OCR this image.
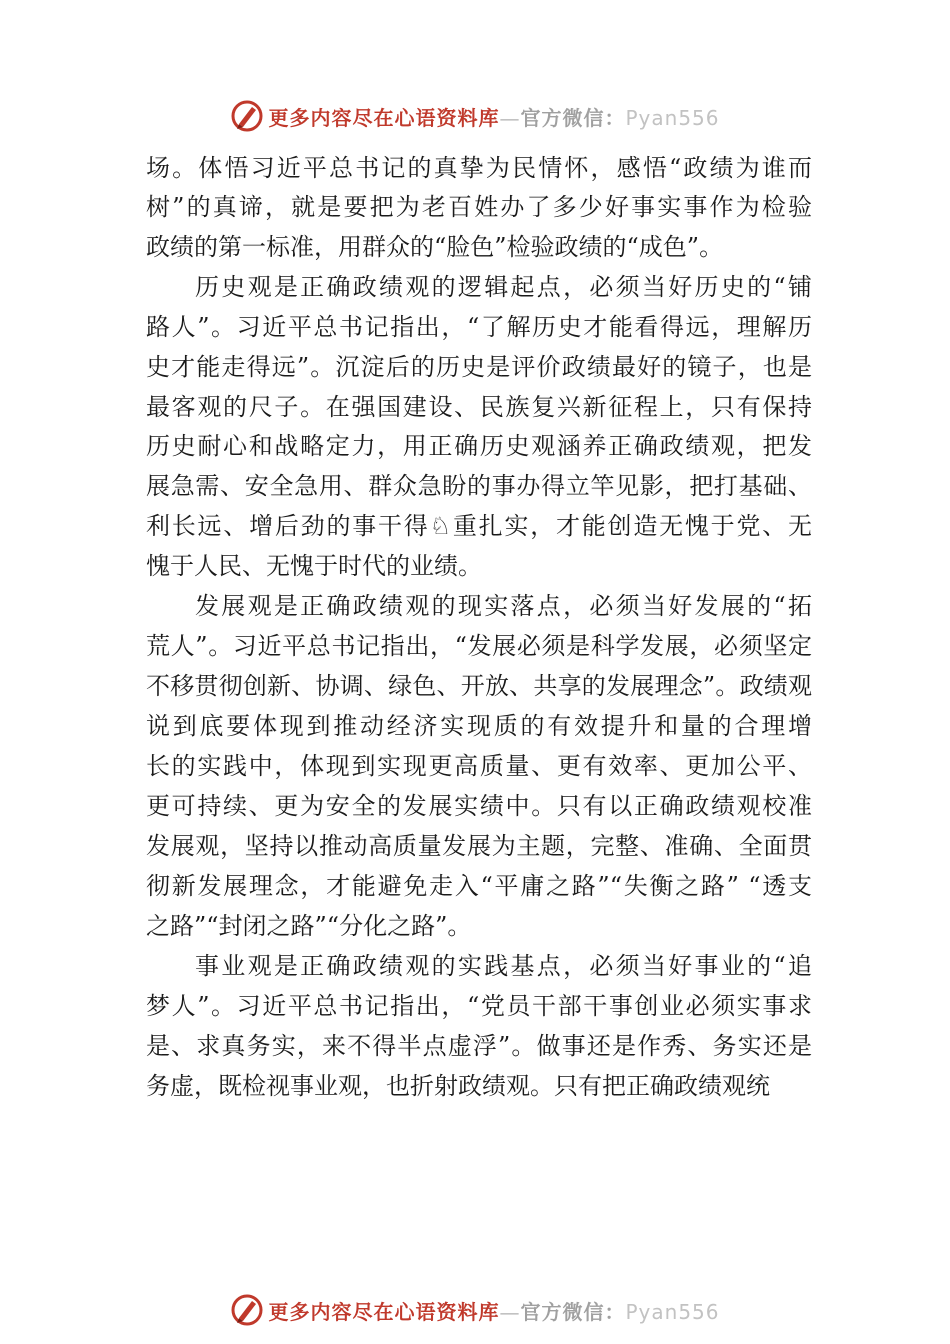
更多内容尽在心语资料库—官方微信：Pyan556
场。体悟习近平总书记的真挚为民情怀，感悟“政绩为谁而
树”的真谛，就是要把为老百姓办了多少好事实事作为检验
政绩的第一标准，用群众的“脸色”检验政绩的“成色”。
历史观是正确政绩观的逻辑起点，必须当好历史的“铺
路人”。习近平总书记指出，“了解历史才能看得远，理解历
史才能走得远”。沉淀后的历史是评价政绩最好的镜子，也是
最客观的尺子。在强国建设、民族复兴新征程上，只有保持
历史耐心和战略定力，用正确历史观涵养正确政绩观，把发
展急需、安全急用、群众急盼的事办得立竿见影，把打基础、
利长远、增后劲的事干得♘重扎实，才能创造无愧于党、无
愧于人民、无愧于时代的业绩。
发展观是正确政绩观的现实落点，必须当好发展的“拓
荒人”。习近平总书记指出，“发展必须是科学发展，必须坚定
不移贯彻创新、协调、绿色、开放、共享的发展理念”。政绩观
说到底要体现到推动经济实现质的有效提升和量的合理增
长的实践中，体现到实现更高质量、更有效率、更加公平、
更可持续、更为安全的发展实绩中。只有以正确政绩观校准
发展观，坚持以推动高质量发展为主题，完整、准确、全面贯
彻新发展理念，才能避免走入“平庸之路”“失衡之路” “透支
之路”“封闭之路”“分化之路”。
事业观是正确政绩观的实践基点，必须当好事业的“追
梦人”。习近平总书记指出，“党员干部干事创业必须实事求
是、求真务实，来不得半点虚浮”。做事还是作秀、务实还是
务虚，既检视事业观，也折射政绩观。只有把正确政绩观统
更多内容尽在心语资料库—官方微信：Pyan556
